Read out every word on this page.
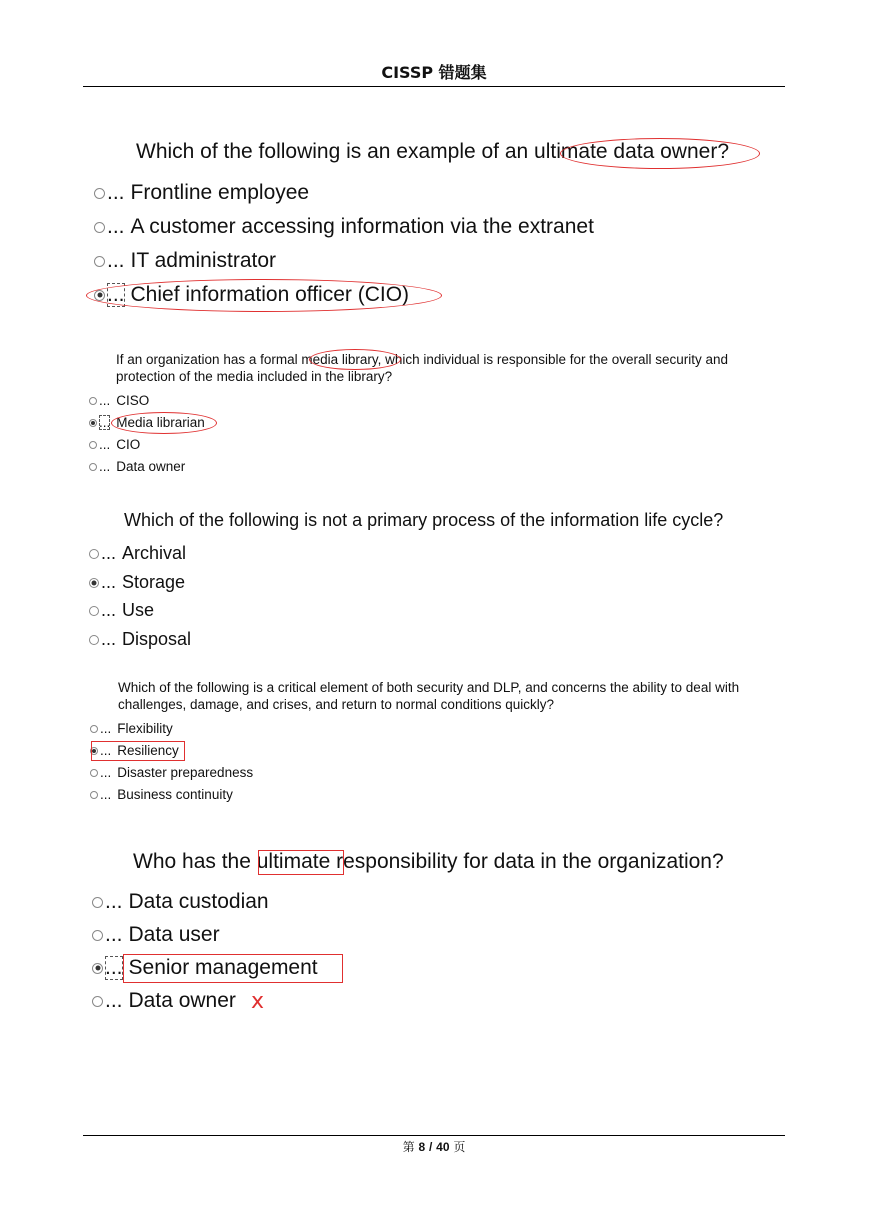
CISSP 错题集
Which of the following is an example of an ultimate data owner?
... Frontline employee
... A customer accessing information via the extranet
... IT administrator
... Chief information officer (CIO)
If an organization has a formal media library, which individual is responsible for the overall security and protection of the media included in the library?
... CISO
... Media librarian
... CIO
... Data owner
Which of the following is not a primary process of the information life cycle?
... Archival
... Storage
... Use
... Disposal
Which of the following is a critical element of both security and DLP, and concerns the ability to deal with challenges, damage, and crises, and return to normal conditions quickly?
... Flexibility
... Resiliency
... Disaster preparedness
... Business continuity
Who has the ultimate responsibility for data in the organization?
... Data custodian
... Data user
... Senior management
... Data owner x
第 8 / 40 页
